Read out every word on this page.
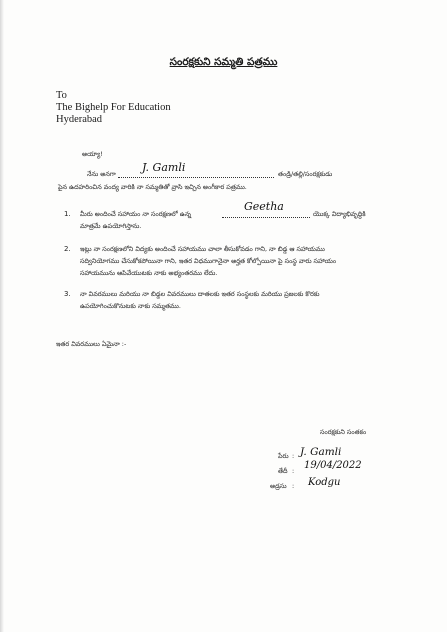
సంరక్షకుని సమ్మతి పత్రము
To
The Bighelp For Education
Hyderabad
అయ్యా!
నేను అనగా J. Gamli	తండ్రి/తల్లి/సంరక్షకుడు
పైన ఉదహరించిన వంద్య వారికి నా సమ్మతితో వ్రాసి ఇచ్చిన అంగీకార పత్రము.
1. మీరు అందించే సహాయం నా సంరక్షణలో ఉన్న
Geetha
యొక్క విద్యాభివృద్ధికి
మాత్రమే ఉపయోగిస్తాను.
2. ఇట్లు నా సంరక్షణలోని విద్యకు అందించే సహాయము చాలా తీసుకోవడం గాని, నా బిడ్డ ఆ సహాయము
సద్వినియోగము చేసుకోకపోయినా గాని, ఇతర విధముగానైనా అర్హత కోల్పోయినా పై సంస్థ వారు సహాయం
సహాయమును ఆపివేయుటకు నాకు అభ్యంతరము లేదు.
3. నా వివరములు మరియు నా బిడ్డల వివరములు దాతలకు ఇతర సంస్థలకు మరియు ప్రజలకు కొరకు
ఉపయోగించుకొనుటకు నాకు సమ్మతము.
ఇతర వివరములు ఏమైనా :-
సంరక్షకుని సంతకం
పేరు : J. Gamli
తేదీ : 19/04/2022
అడ్రసు : Kodgu
